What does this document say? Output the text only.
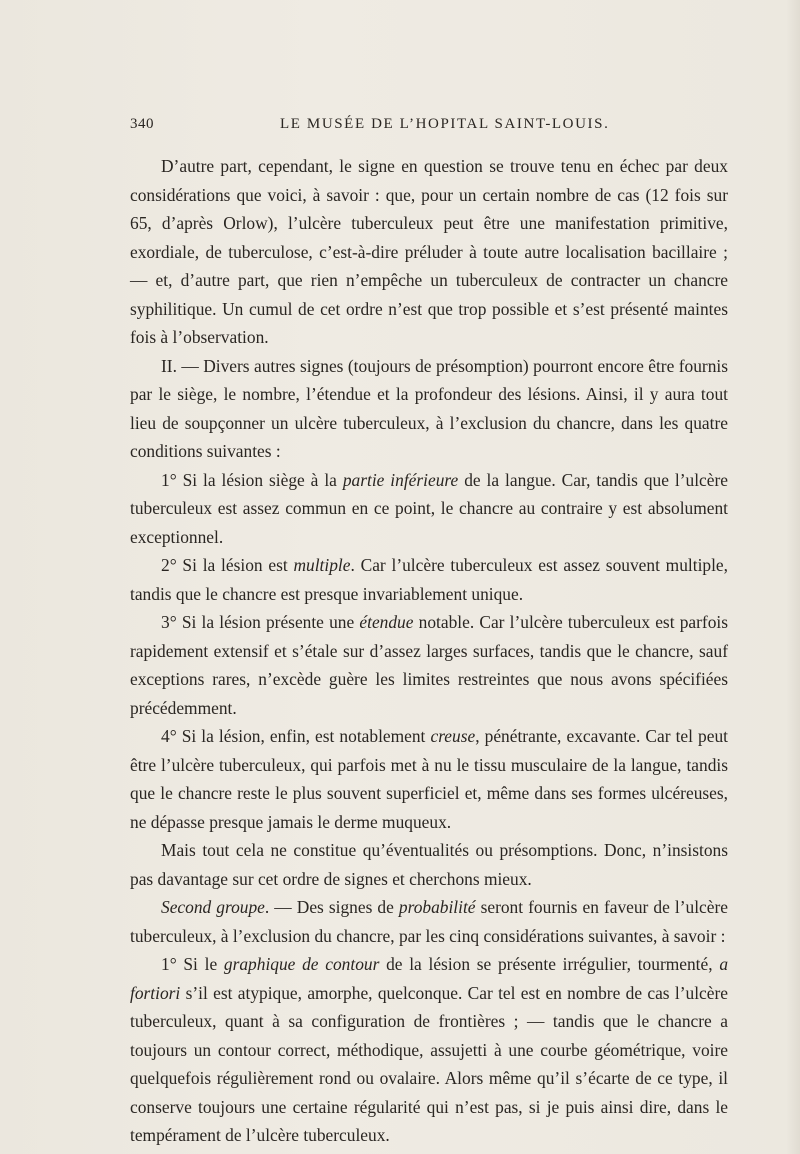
340	LE MUSÉE DE L’HOPITAL SAINT-LOUIS.

D’autre part, cependant, le signe en question se trouve tenu en échec par deux considérations que voici, à savoir : que, pour un certain nombre de cas (12 fois sur 65, d’après Orlow), l’ulcère tuberculeux peut être une manifestation primitive, exordiale, de tuberculose, c’est-à-dire préluder à toute autre localisation bacillaire ; — et, d’autre part, que rien n’empêche un tuberculeux de contracter un chancre syphilitique. Un cumul de cet ordre n’est que trop possible et s’est présenté maintes fois à l’observation.

II. — Divers autres signes (toujours de présomption) pourront encore être fournis par le siège, le nombre, l’étendue et la profondeur des lésions. Ainsi, il y aura tout lieu de soupçonner un ulcère tuberculeux, à l’exclusion du chancre, dans les quatre conditions suivantes :

1° Si la lésion siège à la partie inférieure de la langue. Car, tandis que l’ulcère tuberculeux est assez commun en ce point, le chancre au contraire y est absolument exceptionnel.

2° Si la lésion est multiple. Car l’ulcère tuberculeux est assez souvent multiple, tandis que le chancre est presque invariablement unique.

3° Si la lésion présente une étendue notable. Car l’ulcère tuberculeux est parfois rapidement extensif et s’étale sur d’assez larges surfaces, tandis que le chancre, sauf exceptions rares, n’excède guère les limites restreintes que nous avons spécifiées précédemment.

4° Si la lésion, enfin, est notablement creuse, pénétrante, excavante. Car tel peut être l’ulcère tuberculeux, qui parfois met à nu le tissu musculaire de la langue, tandis que le chancre reste le plus souvent superficiel et, même dans ses formes ulcéreuses, ne dépasse presque jamais le derme muqueux.

Mais tout cela ne constitue qu’éventualités ou présomptions. Donc, n’insistons pas davantage sur cet ordre de signes et cherchons mieux.

Second groupe. — Des signes de probabilité seront fournis en faveur de l’ulcère tuberculeux, à l’exclusion du chancre, par les cinq considérations suivantes, à savoir :

1° Si le graphique de contour de la lésion se présente irrégulier, tourmenté, a fortiori s’il est atypique, amorphe, quelconque. Car tel est en nombre de cas l’ulcère tuberculeux, quant à sa configuration de frontières ; — tandis que le chancre a toujours un contour correct, méthodique, assujetti à une courbe géométrique, voire quelquefois régulièrement rond ou ovalaire. Alors même qu’il s’écarte de ce type, il conserve toujours une certaine régularité qui n’est pas, si je puis ainsi dire, dans le tempérament de l’ulcère tuberculeux.
